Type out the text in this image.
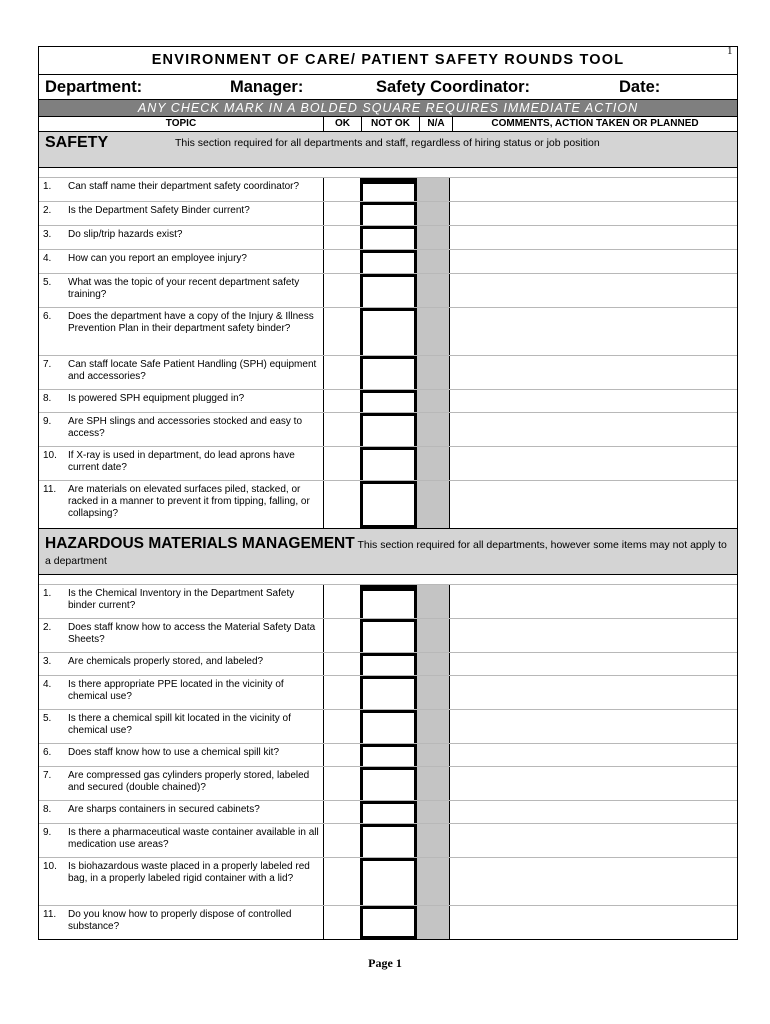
1
ENVIRONMENT OF CARE/ PATIENT SAFETY ROUNDS TOOL
Department:	Manager:	Safety Coordinator:	Date:
ANY CHECK MARK IN A BOLDED SQUARE REQUIRES IMMEDIATE ACTION
TOPIC	OK	NOT OK	N/A	COMMENTS, ACTION TAKEN OR PLANNED
SAFETY	This section required for all departments and staff, regardless of hiring status or job position
1.	Can staff name their department safety coordinator?
2.	Is the Department Safety Binder current?
3.	Do slip/trip hazards exist?
4.	How can you report an employee injury?
5.	What was the topic of your recent department safety training?
6.	Does the department have a copy of the Injury & Illness Prevention Plan in their department safety binder?
7.	Can staff locate Safe Patient Handling (SPH) equipment and accessories?
8.	Is powered SPH equipment plugged in?
9.	Are SPH slings and accessories stocked and easy to access?
10.	If X-ray is used in department, do lead aprons have current date?
11.	Are materials on elevated surfaces piled, stacked, or racked in a manner to prevent it from tipping, falling, or collapsing?
HAZARDOUS MATERIALS MANAGEMENT This section required for all departments, however some items may not apply to a department
1.	Is the Chemical Inventory in the Department Safety binder current?
2.	Does staff know how to access the Material Safety Data Sheets?
3.	Are chemicals properly stored, and labeled?
4.	Is there appropriate PPE located in the vicinity of chemical use?
5.	Is there a chemical spill kit located in the vicinity of chemical use?
6.	Does staff know how to use a chemical spill kit?
7.	Are compressed gas cylinders properly stored, labeled and secured (double chained)?
8.	Are sharps containers in secured cabinets?
9.	Is there a pharmaceutical waste container available in all medication use areas?
10.	Is biohazardous waste placed in a properly labeled red bag, in a properly labeled rigid container with a lid?
11.	Do you know how to properly dispose of controlled substance?
Page 1
